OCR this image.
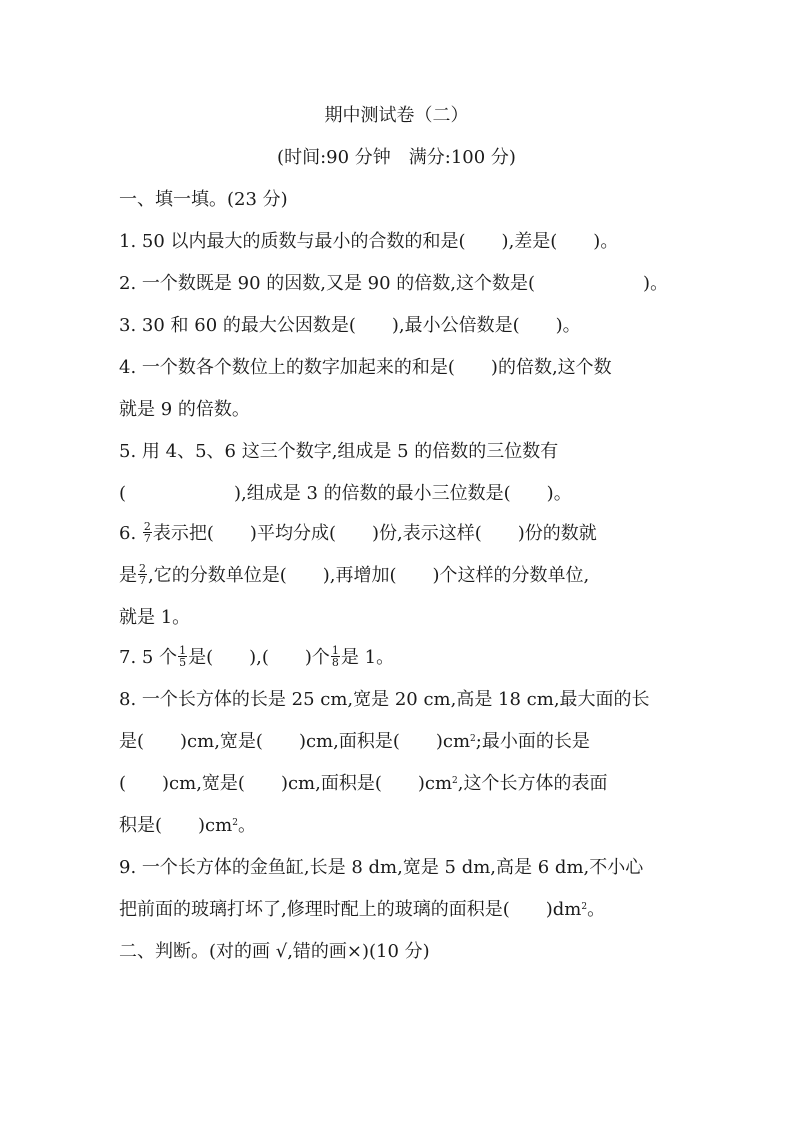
期中测试卷（二）
(时间:90 分钟　满分:100 分)
一、填一填。(23 分)
1. 50 以内最大的质数与最小的合数的和是(　　),差是(　　)。
2. 一个数既是 90 的因数,又是 90 的倍数,这个数是(　　　　　　)。
3. 30 和 60 的最大公因数是(　　),最小公倍数是(　　)。
4. 一个数各个数位上的数字加起来的和是(　　)的倍数,这个数
就是 9 的倍数。
5. 用 4、5、6 这三个数字,组成是 5 的倍数的三位数有
(　　　　　　),组成是 3 的倍数的最小三位数是(　　)。
6. $\frac{2}{7}$ 表示把(　　)平均分成(　　)份,表示这样(　　)份的数就
是 $\frac{2}{7}$ ,它的分数单位是(　　),再增加(　　)个这样的分数单位,
就是 1。
7. 5 个 $\frac{1}{5}$ 是(　　),(　　)个 $\frac{1}{8}$ 是 1。
8. 一个长方体的长是 25 cm,宽是 20 cm,高是 18 cm,最大面的长
是(　　)cm,宽是(　　)cm,面积是(　　)$cm^2$;最小面的长是
(　　)cm,宽是(　　)cm,面积是(　　)$cm^2$,这个长方体的表面
积是(　　)$cm^2$。
9. 一个长方体的金鱼缸,长是 8 dm,宽是 5 dm,高是 6 dm,不小心
把前面的玻璃打坏了,修理时配上的玻璃的面积是(　　)$dm^2$。
二、判断。(对的画 √,错的画×)(10 分)
